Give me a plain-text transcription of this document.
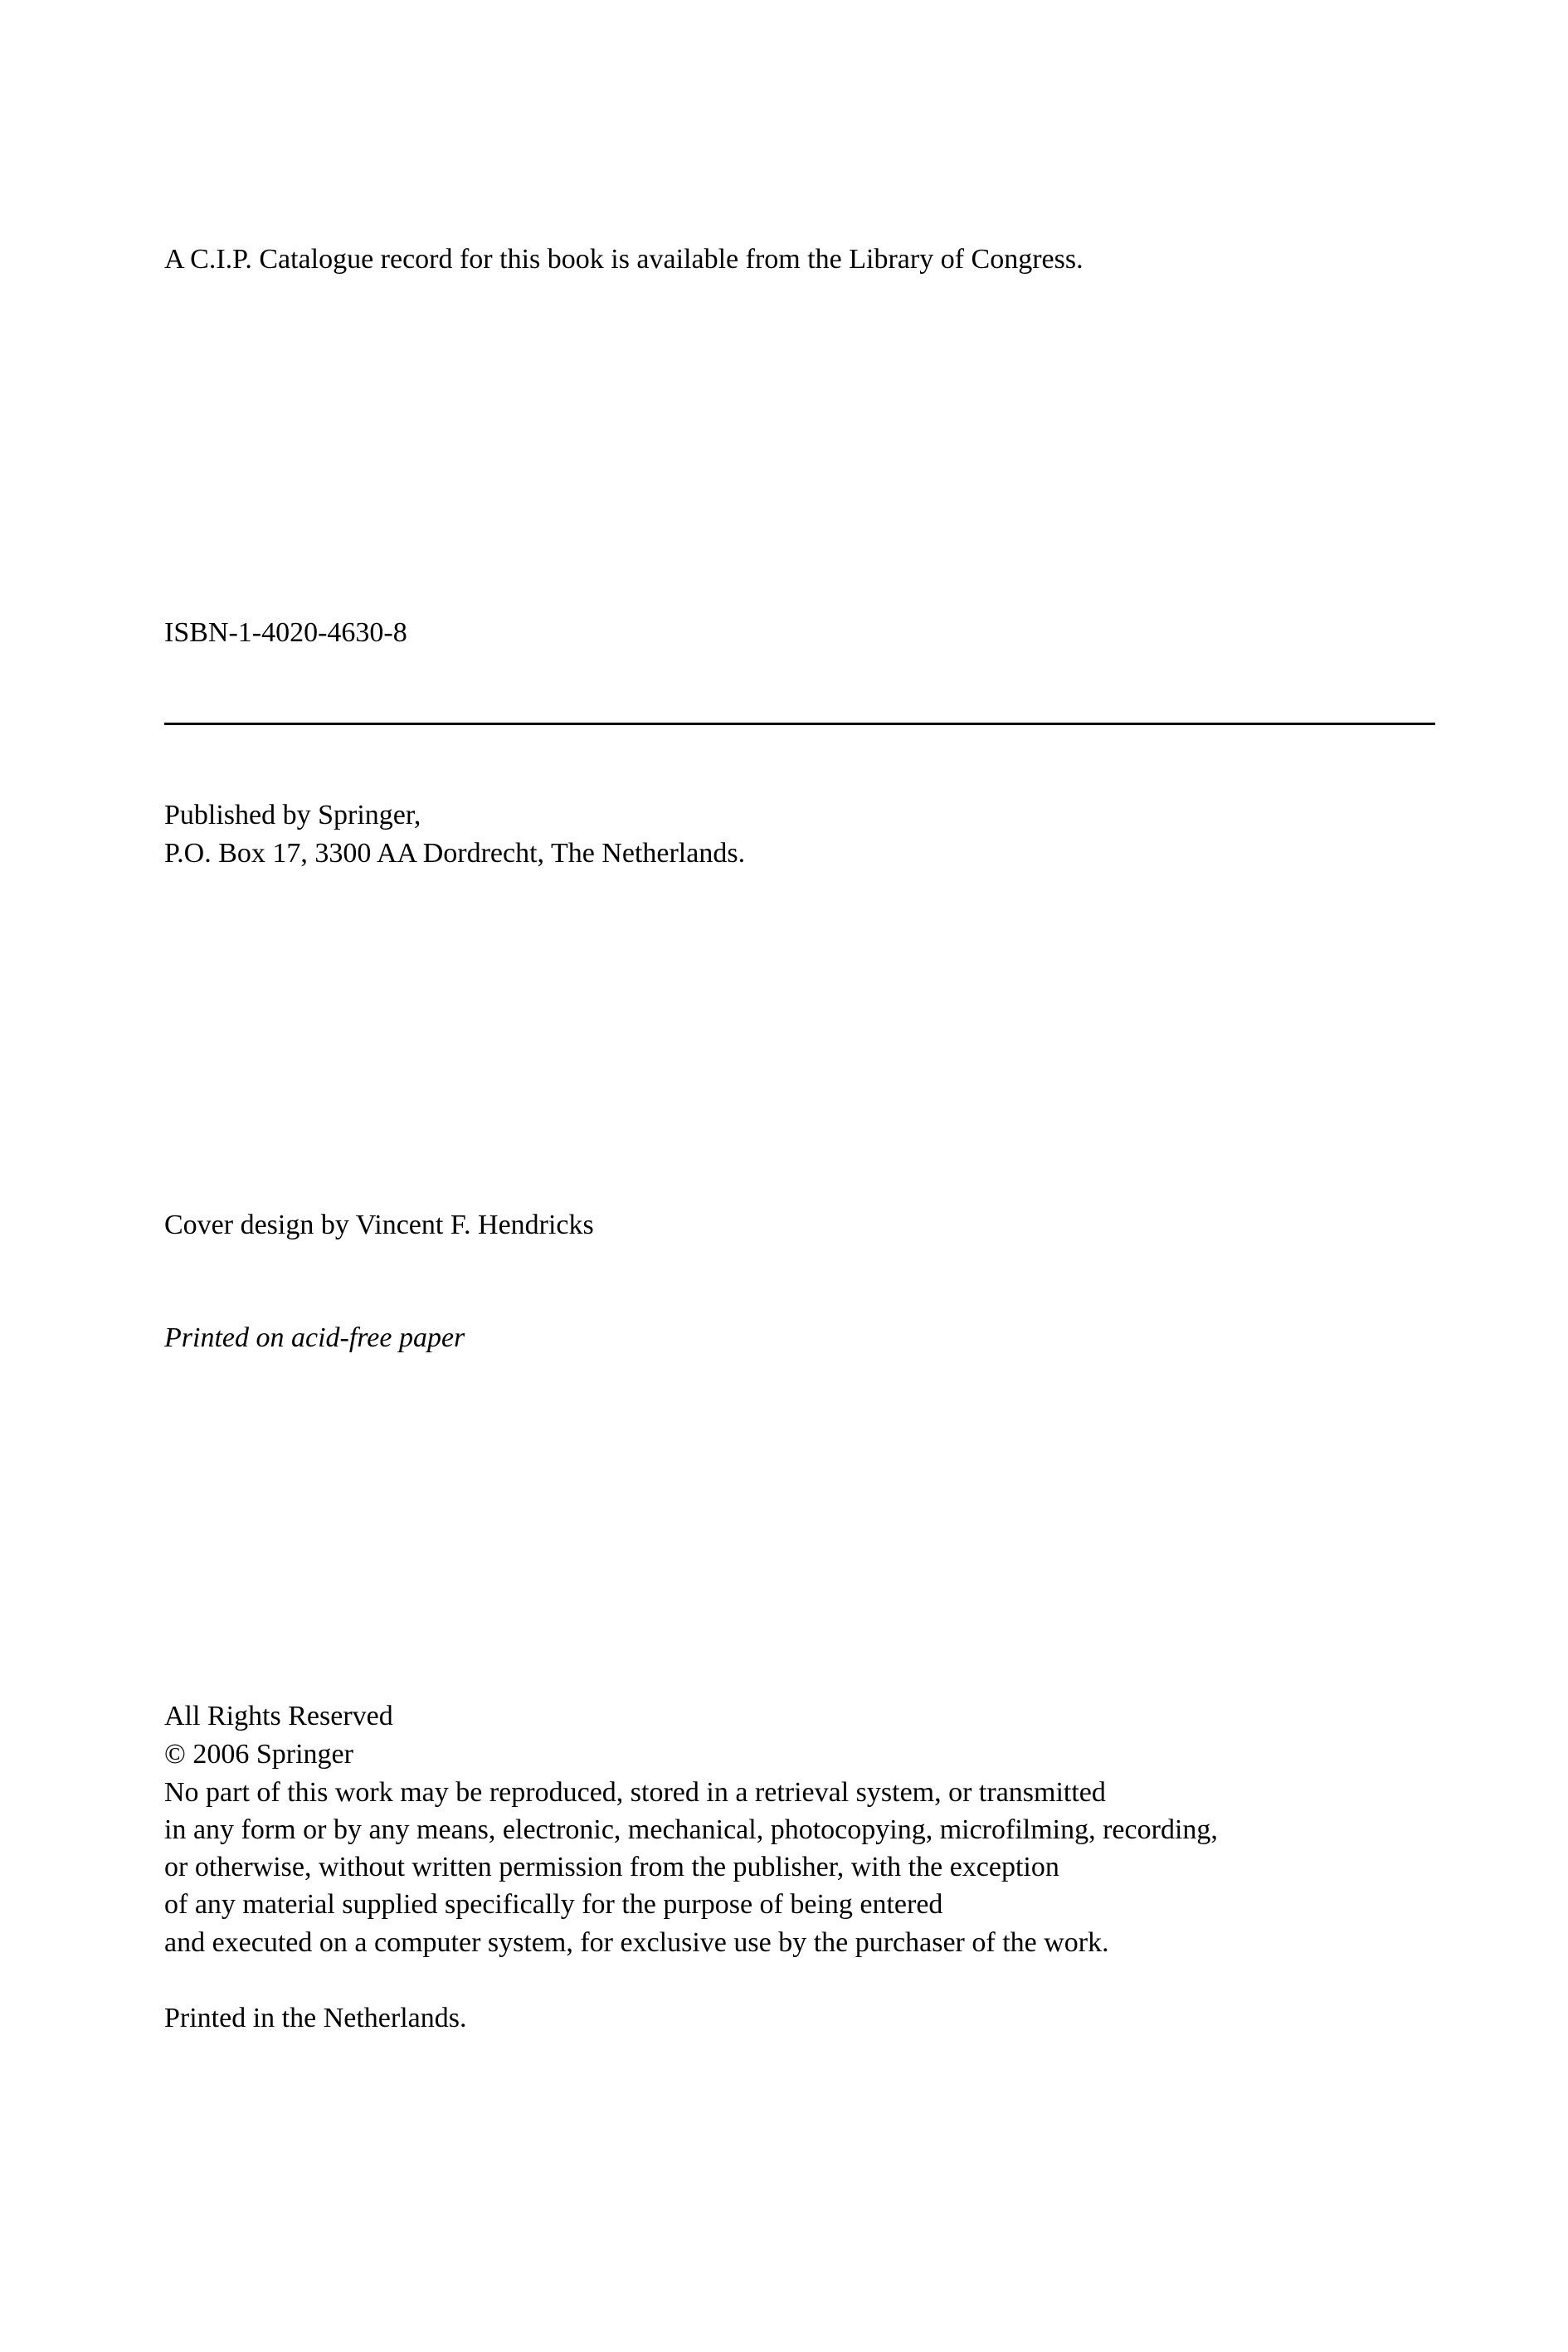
A C.I.P. Catalogue record for this book is available from the Library of Congress.
ISBN-1-4020-4630-8
Published by Springer,
P.O. Box 17, 3300 AA Dordrecht, The Netherlands.
Cover design by Vincent F. Hendricks
Printed on acid-free paper
All Rights Reserved
© 2006 Springer
No part of this work may be reproduced, stored in a retrieval system, or transmitted
in any form or by any means, electronic, mechanical, photocopying, microfilming, recording,
or otherwise, without written permission from the publisher, with the exception
of any material supplied specifically for the purpose of being entered
and executed on a computer system, for exclusive use by the purchaser of the work.
Printed in the Netherlands.
